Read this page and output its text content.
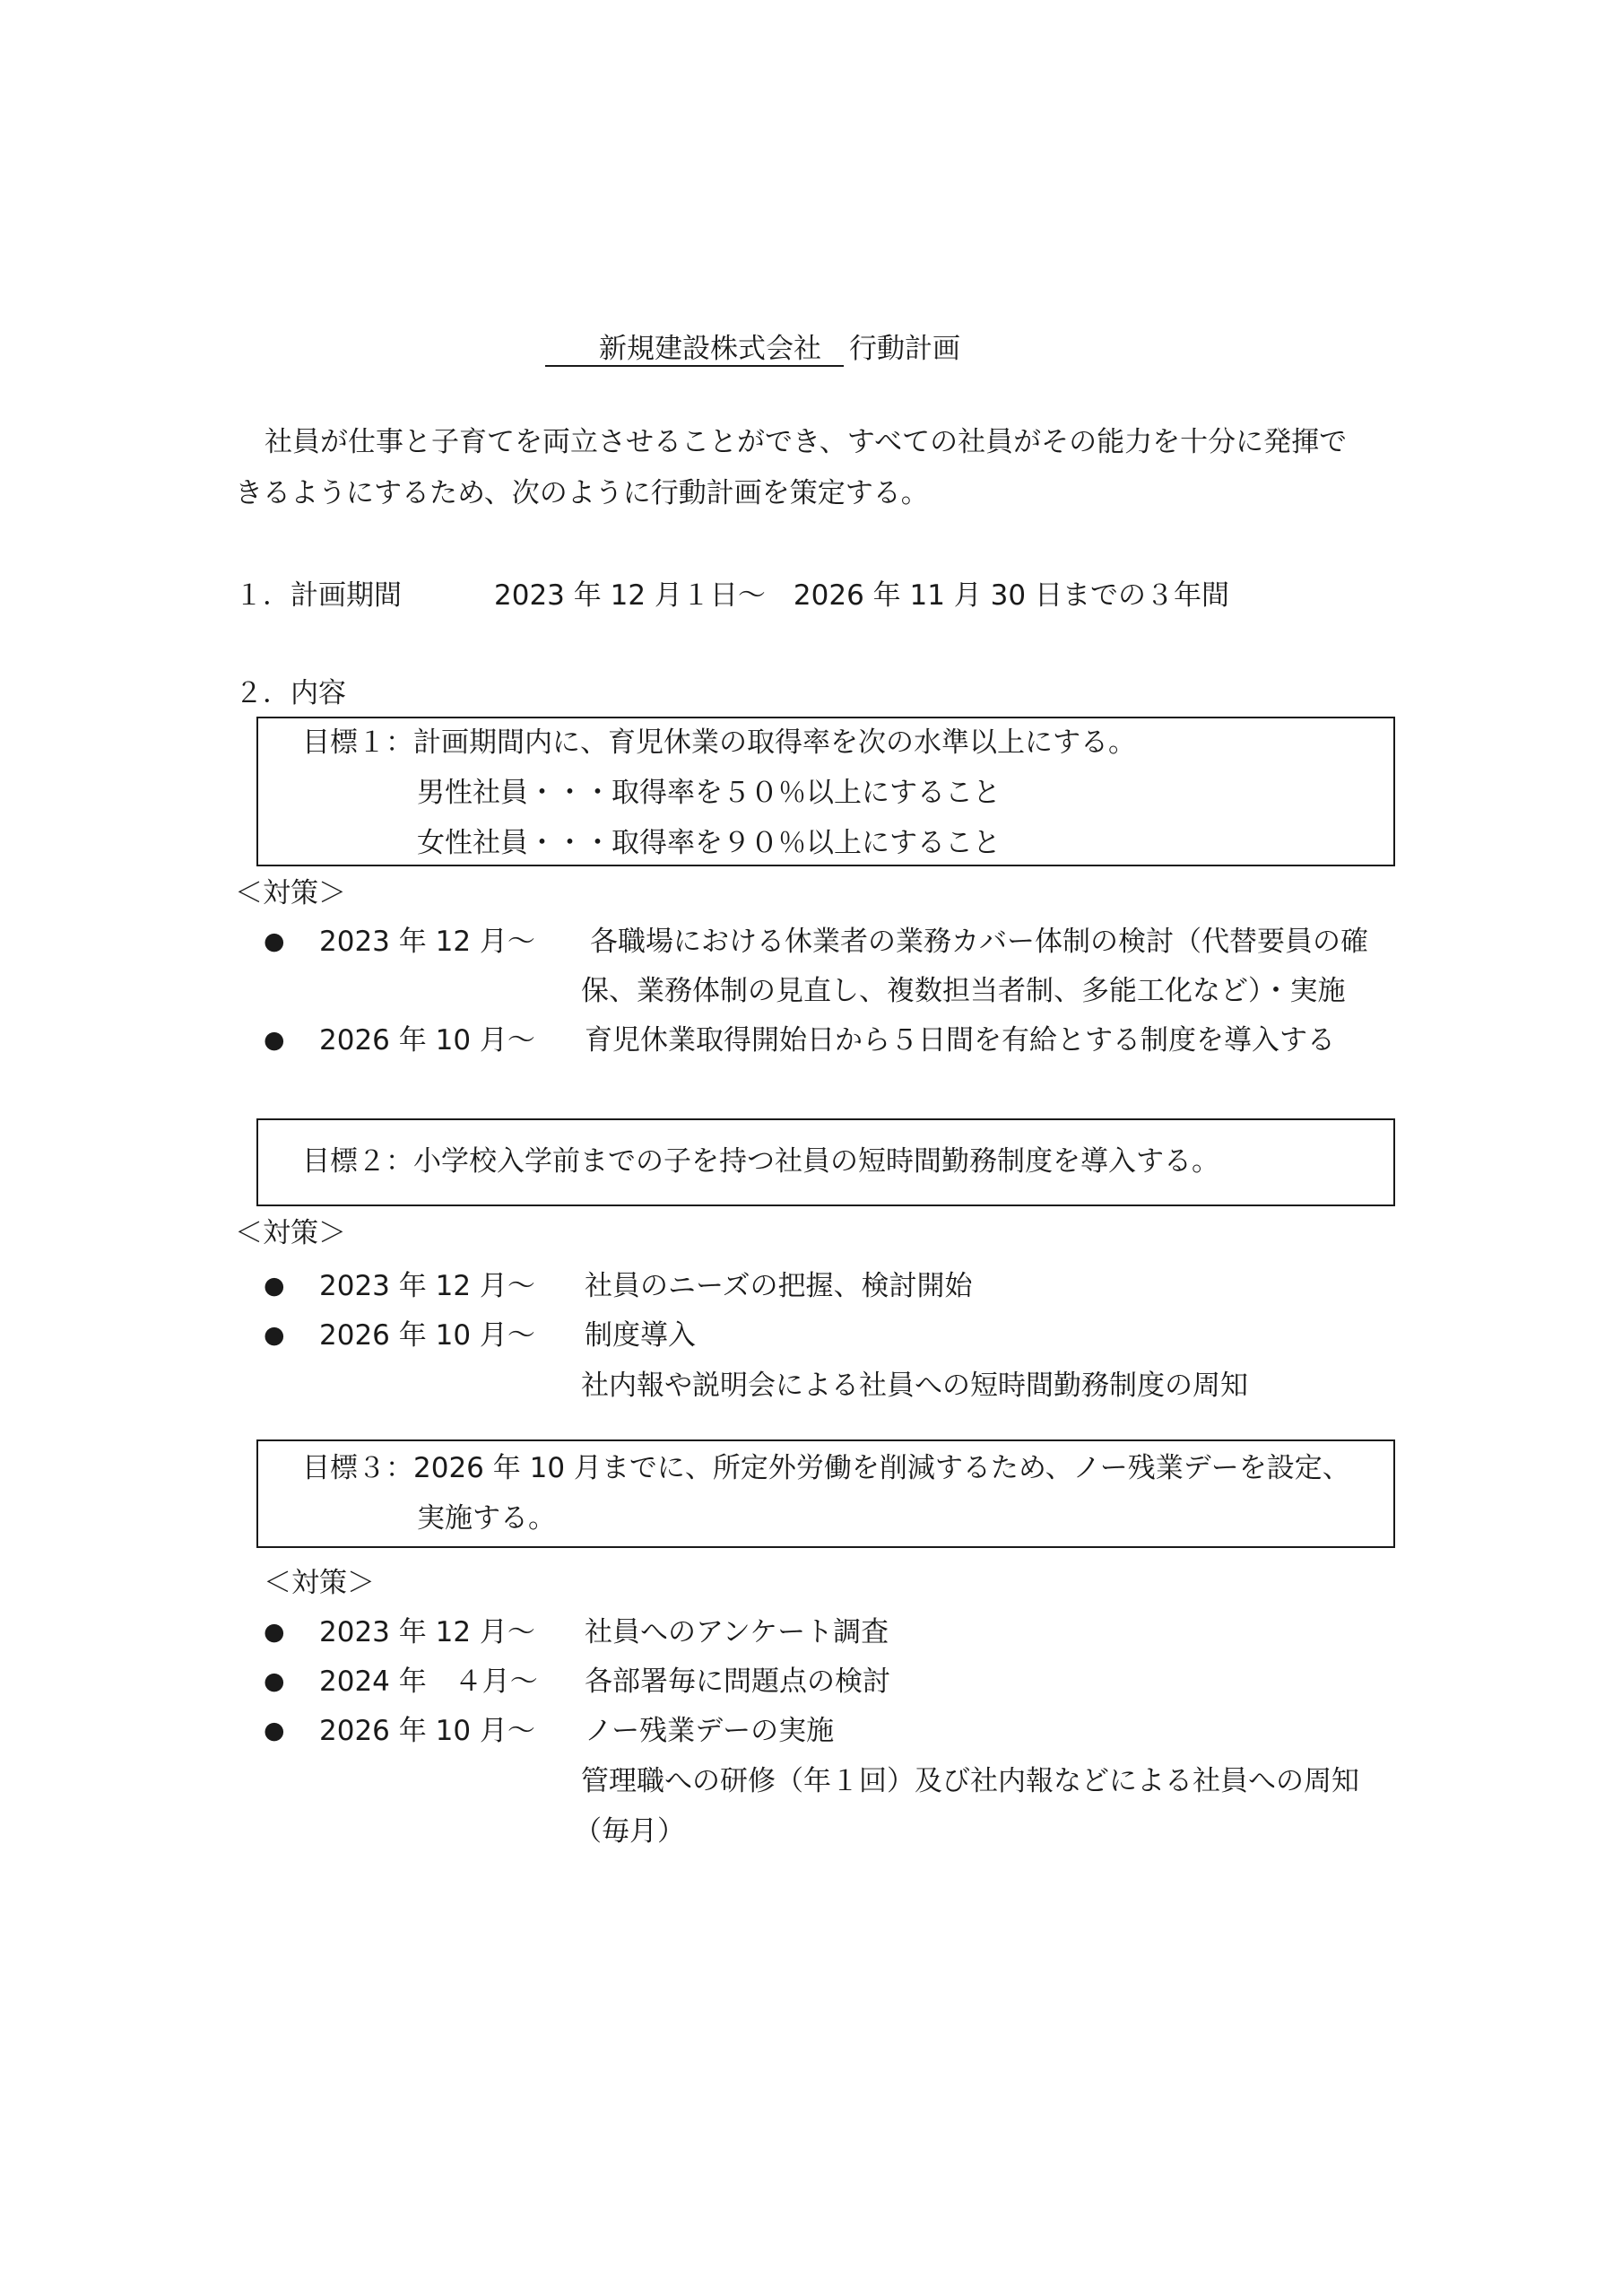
新規建設株式会社 行動計画
社員が仕事と子育てを両立させることができ、すべての社員がその能力を十分に発揮で
きるようにするため、次のように行動計画を策定する。
１．計画期間	2023 年 12 月１日～　2026 年 11 月 30 日までの３年間
２．内容
目標１：計画期間内に、育児休業の取得率を次の水準以上にする。
男性社員・・・取得率を５０％以上にすること
女性社員・・・取得率を９０％以上にすること
＜対策＞
● 2023 年 12 月～ 各職場における休業者の業務カバー体制の検討（代替要員の確
保、業務体制の見直し、複数担当者制、多能工化など）・実施
● 2026 年 10 月～ 育児休業取得開始日から５日間を有給とする制度を導入する
目標２：小学校入学前までの子を持つ社員の短時間勤務制度を導入する。
＜対策＞
● 2023 年 12 月～ 社員のニーズの把握、検討開始
● 2026 年 10 月～ 制度導入
社内報や説明会による社員への短時間勤務制度の周知
目標３：2026 年 10 月までに、所定外労働を削減するため、ノー残業デーを設定、
実施する。
＜対策＞
● 2023 年 12 月～ 社員へのアンケート調査
● 2024 年　４月～ 各部署毎に問題点の検討
● 2026 年 10 月～ ノー残業デーの実施
管理職への研修（年１回）及び社内報などによる社員への周知
（毎月）
